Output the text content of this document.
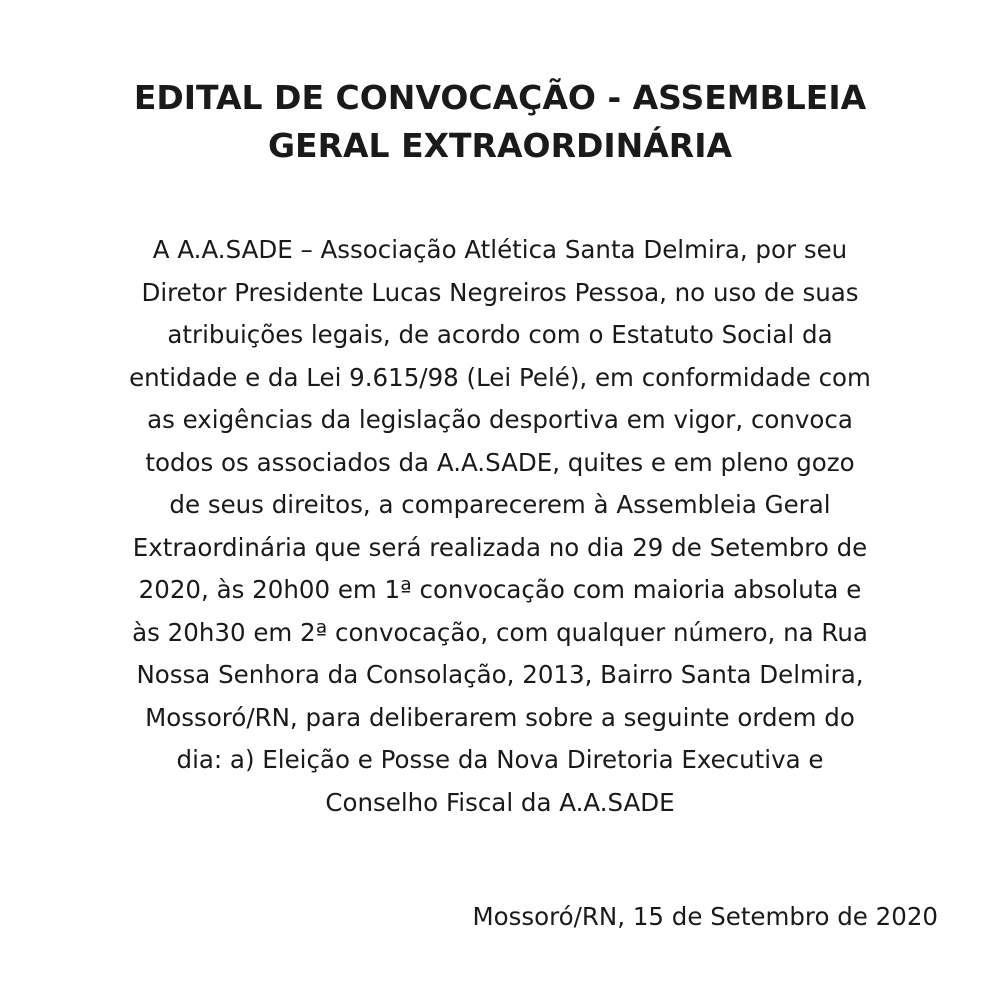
EDITAL DE CONVOCAÇÃO - ASSEMBLEIA
GERAL EXTRAORDINÁRIA
A A.A.SADE – Associação Atlética Santa Delmira, por seu
Diretor Presidente Lucas Negreiros Pessoa, no uso de suas
atribuições legais, de acordo com o Estatuto Social da
entidade e da Lei 9.615/98 (Lei Pelé), em conformidade com
as exigências da legislação desportiva em vigor, convoca
todos os associados da A.A.SADE, quites e em pleno gozo
de seus direitos, a comparecerem à Assembleia Geral
Extraordinária que será realizada no dia 29 de Setembro de
2020, às 20h00 em 1ª convocação com maioria absoluta e
às 20h30 em 2ª convocação, com qualquer número, na Rua
Nossa Senhora da Consolação, 2013, Bairro Santa Delmira,
Mossoró/RN, para deliberarem sobre a seguinte ordem do
dia: a) Eleição e Posse da Nova Diretoria Executiva e
Conselho Fiscal da A.A.SADE
Mossoró/RN, 15 de Setembro de 2020
